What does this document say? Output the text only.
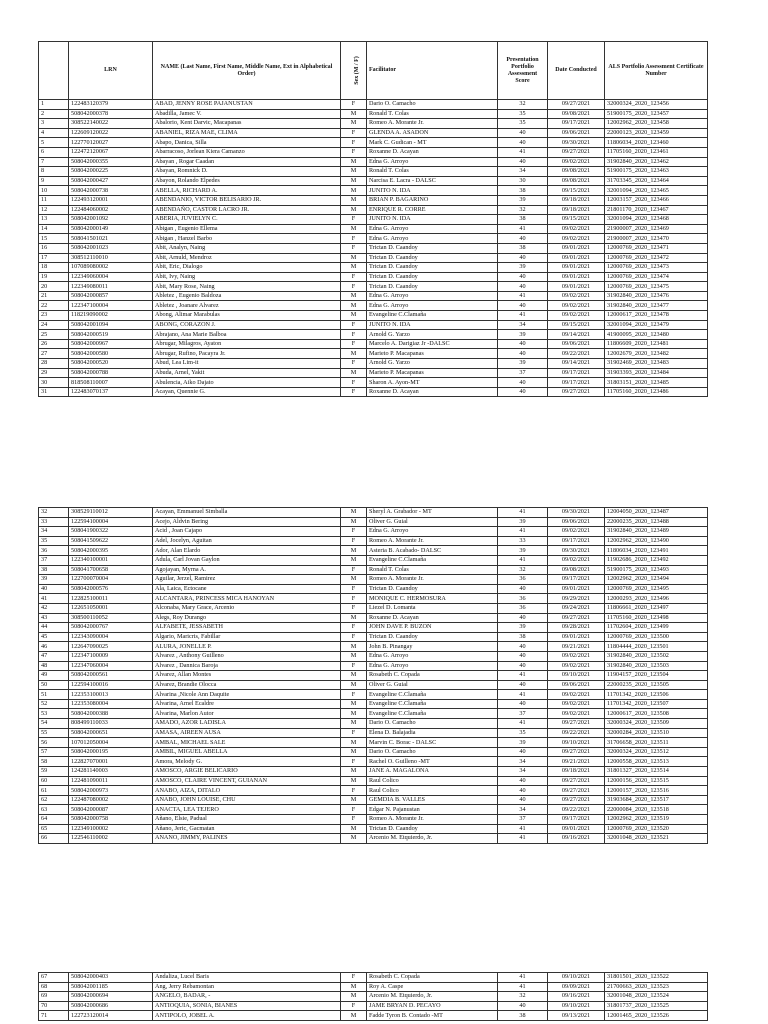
	LRN	NAME (Last Name, First Name, Middle Name, Ext in Alphabetical Order)	Sex (M / F)	Facilitator	Presentation Portfolio Assessment Score	Date Conducted	ALS Portfolio Assessment Certificate Number
1	122483120379	ABAD, JENNY ROSE PAJANUSTAN	F	Dario O. Camacho	32	09/27/2021	32000324_2020_123456
2	508042000378	Abadilla, Jamec V.	M	Ronald T. Colas	35	09/08/2021	51900175_2020_123457
3	308522140022	Abalorio, Kent Darvic, Macapanas	M	Romeo A. Morante Jr.	35	09/17/2021	12002962_2020_123458
4	122609120022	ABANIEL, RIZA MAE, CLIMA	F	GLENDA A. ASADON	40	09/06/2021	22000123_2020_123459
5	122770120027	Abapo, Danica, Silla	F	Mark C. Gudican - MT	40	09/30/2021	11806034_2020_123460
6	122472120067	Abarracoso, Jorlean Kiera Camanzo	F	Roxanne D. Acayan	41	09/27/2021	11705160_2020_123461
7	508042000355	Abayan , Rogar Caadan	M	Edna G. Arroyo	40	09/02/2021	31902840_2020_123462
8	508042000225	Abayan, Romnick D.	M	Ronald T. Colas	34	09/08/2021	51900175_2020_123463
9	508042000427	Abayon, Rolando Elpedes	M	Narcisa E. Lacra - DALSC	30	09/08/2021	31703345_2020_123464
10	508042000738	ABELLA, RICHARD A.	M	JUNITO N. IDA	38	09/15/2021	32001094_2020_123465
11	122493120001	ABENDANIO, VICTOR BELISARIO JR.	M	BRIAN P. BAGARINO	39	09/18/2021	12003157_2020_123466
12	122484060002	ABENDAÑO, CASTOR LACRO JR.	M	ENRIQUE R. CORRE	32	09/18/2021	21801170_2020_123467
13	508042001092	ABERIA, JUVIELYN C.	F	JUNITO N. IDA	38	09/15/2021	32001094_2020_123468
14	508042000149	Abigan , Eugenio Ellema	M	Edna G. Arroyo	41	09/02/2021	21900007_2020_123469
15	508041501021	Abigan , Hanzel Barbo	F	Edna G. Arroyo	40	09/02/2021	21900007_2020_123470
16	508042001023	Abit, Analyn, Naing	F	Trictan D. Caandoy	38	09/01/2021	12000769_2020_123471
17	308512110010	Abit, Arnuld, Mendroz	M	Trictan D. Caandoy	40	09/01/2021	12000769_2020_123472
18	107089080002	Abit, Eric, Dialogo	M	Trictan D. Caandoy	39	09/01/2021	12000769_2020_123473
19	122349060004	Abit, Ivy, Naing	F	Trictan D. Caandoy	40	09/01/2021	12000769_2020_123474
20	122349080011	Abit, Mary Rose, Naing	F	Trictan D. Caandoy	40	09/01/2021	12000769_2020_123475
21	508042000857	Abletez , Eugenio Baldoza	M	Edna G. Arroyo	41	09/02/2021	31902840_2020_123476
22	122347100004	Abletez , Joanare Alvarez	M	Edna G. Arroyo	40	09/02/2021	31902840_2020_123477
23	118219090002	Abong, Alimar Marabulas	M	Evangeline C.Clamaña	41	09/02/2021	12000617_2020_123478
24	508042001094	ABONG, CORAZON J.	F	JUNITO N. IDA	34	09/15/2021	32001094_2020_123479
25	508042000519	Abrajano, Ana Marie Balboa	F	Arnold G. Yarzo	39	09/14/2021	41900095_2020_123480
26	508042000967	Abrugar, Milagros, Ayaton	F	Marcelo A. Darigiaz Jr -DALSC	40	09/06/2021	11806609_2020_123481
27	508042000580	Abrugar, Rufino, Pacayra Jr.	M	Marieto P. Macapanas	40	09/22/2021	12002679_2020_123482
28	508042000520	Abud, Lea Lim-it	F	Arnold G. Yarzo	39	09/14/2021	31902469_2020_123483
29	508042000788	Abuda, Arnel, Yakit	M	Marieto P. Macapanas	37	09/17/2021	31903393_2020_123484
30	818508110007	Abulencia, Aiko Dajato	F	Sharon A. Ayon-MT	40	09/17/2021	31803151_2020_123485
31	122483070137	Acayan, Quennie G.	F	Roxanne D. Acayan	40	09/27/2021	11705160_2020_123486
32	308529110012	Acayan, Emmanuel Simballa	M	Sheryl A. Grabador - MT	41	09/30/2021	12004050_2020_123487
33	122594100004	Acejo, Aldvin Bering	M	Oliver G. Guial	39	09/06/2021	22000235_2020_123488
34	508041900322	Acid , Joan Cajapo	F	Edna G. Arroyo	41	09/02/2021	31902840_2020_123489
35	508041509622	Adel, Jocelyn, Aguitan	F	Romeo A. Morante Jr.	33	09/17/2021	12002962_2020_123490
36	508042000395	Ador, Alan Elardo	M	Asteria B. Acabado- DALSC	39	09/30/2021	11806034_2020_123491
37	122340100001	Adula, Carl Jovan Gaylon	M	Evangeline C.Clamaña	41	09/02/2021	11902686_2020_123492
38	508041700658	Agojayan, Myrna A.	F	Ronald T. Colas	32	09/08/2021	51900175_2020_123493
39	122700070004	Aguilar, Jerzel, Ramirez	M	Romeo A. Morante Jr.	36	09/17/2021	12002962_2020_123494
40	508042000576	Ala, Laica, Ectocane	F	Trictan D. Caandoy	40	09/01/2021	12000769_2020_123495
41	122825100011	ALCANTARA, PRINCESS MICA HANOYAN	F	MONIQUE C. HERMOSURA	36	09/29/2021	12000293_2020_123496
42	122651050001	Alconaba, Mary Grace, Arcenio	F	Liezel D. Lomanta	36	09/24/2021	11806661_2020_123497
43	308500110052	Alegs, Roy Durango	M	Roxanne D. Acayan	40	09/27/2021	11705160_2020_123498
44	508042000767	ALFABETE, JESSABETH	F	JOHN DAVE P. BUZON	39	09/28/2021	11702604_2020_123499
45	122343090004	Algario, Maricris, Fabillar	F	Trictan D. Caandoy	38	09/01/2021	12000769_2020_123500
46	122647090025	ALURA, JONELLE P.	M	John B. Pinangay	40	09/21/2021	11804444_2020_123501
47	122347100009	Alvarez , Anthony Guilleno	M	Edna G. Arroyo	40	09/02/2021	31902840_2020_123502
48	122347060004	Alvarez , Dannica Baroja	F	Edna G. Arroyo	40	09/02/2021	31902840_2020_123503
49	508042000561	Alvarez, Allan Montes	M	Rosabeth C. Copada	41	09/10/2021	11904157_2020_123504
50	122594100016	Alvarez, Brandie Olocca	M	Oliver G. Guial	40	09/06/2021	22000235_2020_123505
51	122353100013	Alvarina ,Nicole Ann Daquite	F	Evangeline C.Clamaña	41	09/02/2021	11701342_2020_123506
52	122353080004	Alvarina, Arnel Ecaldre	M	Evangeline C.Clamaña	40	09/02/2021	11701342_2020_123507
53	508042000388	Alvarina, Marlon Autor	M	Evangeline C.Clamaña	37	09/02/2021	12000617_2020_123508
54	808499110033	AMADO, AZOR LADISLA	M	Dario O. Camacho	41	09/27/2021	32000324_2020_123509
55	508042000651	AMASA, AIREEN AUSA	F	Elena D. Balajadia	35	09/22/2021	32000284_2020_123510
56	107012050004	AMBAL, MICHAEL SALE	M	Marvin C. Borac - DALSC	39	09/10/2021	31706658_2020_123511
57	508042000195	AMBIL, MIGUEL ABELLA	M	Dario O. Camacho	40	09/27/2021	32000324_2020_123512
58	122827070001	Amora, Melody G.	F	Rachel O. Guilleno -MT	34	09/21/2021	12000558_2020_123513
59	124281140003	AMOSCO, ARGIE BELICARIO	M	JANE A. MAGALONA	34	09/18/2021	31801327_2020_123514
60	122481090011	AMOSCO, CLAIRE VINCENT, GUIANAN	M	Raul Colico	40	09/27/2021	12000156_2020_123515
61	508042000973	ANABO, AIZA, DITALO	F	Raul Colico	40	09/27/2021	12000157_2020_123516
62	122487080002	ANABO, JOHN LOUISE, CHU	M	GEMDIA B. VALLES	40	09/27/2021	31903684_2020_123517
63	508042000087	ANACTA, LEA TEJERO	F	Edgar N. Pajanustan	34	09/22/2021	22000084_2020_123518
64	508042000758	Añano, Elsie, Padual	F	Romeo A. Morante Jr.	37	09/17/2021	12002962_2020_123519
65	122349100002	Añano, Jeric, Gacmatan	M	Trictan D. Caandoy	41	09/01/2021	12000769_2020_123520
66	122546110002	ANANO, JIMMY, PALINES	M	Arcenio M. Etquierdo, Jr.	41	09/16/2021	32001048_2020_123521
67	508042000403	Andaliza, Lucel Baris	F	Rosabeth C. Copada	41	09/10/2021	31801501_2020_123522
68	508042001185	Ang, Jerry Rebamontan	M	Roy A. Caspe	41	09/09/2021	21700663_2020_123523
69	508042000694	ANGELO, BADAR, -	M	Arcenio M. Etquierdo, Jr.	32	09/16/2021	32001048_2020_123524
70	508042000686	ANTIOQUIA, SONIA, BIANES	F	JAME BRYAN D. PECAYO	40	09/10/2021	31801737_2020_123525
71	122723120014	ANTIPOLO, JOBEL A.	M	Fadde Tyron B. Contado -MT	38	09/13/2021	12001465_2020_123526
